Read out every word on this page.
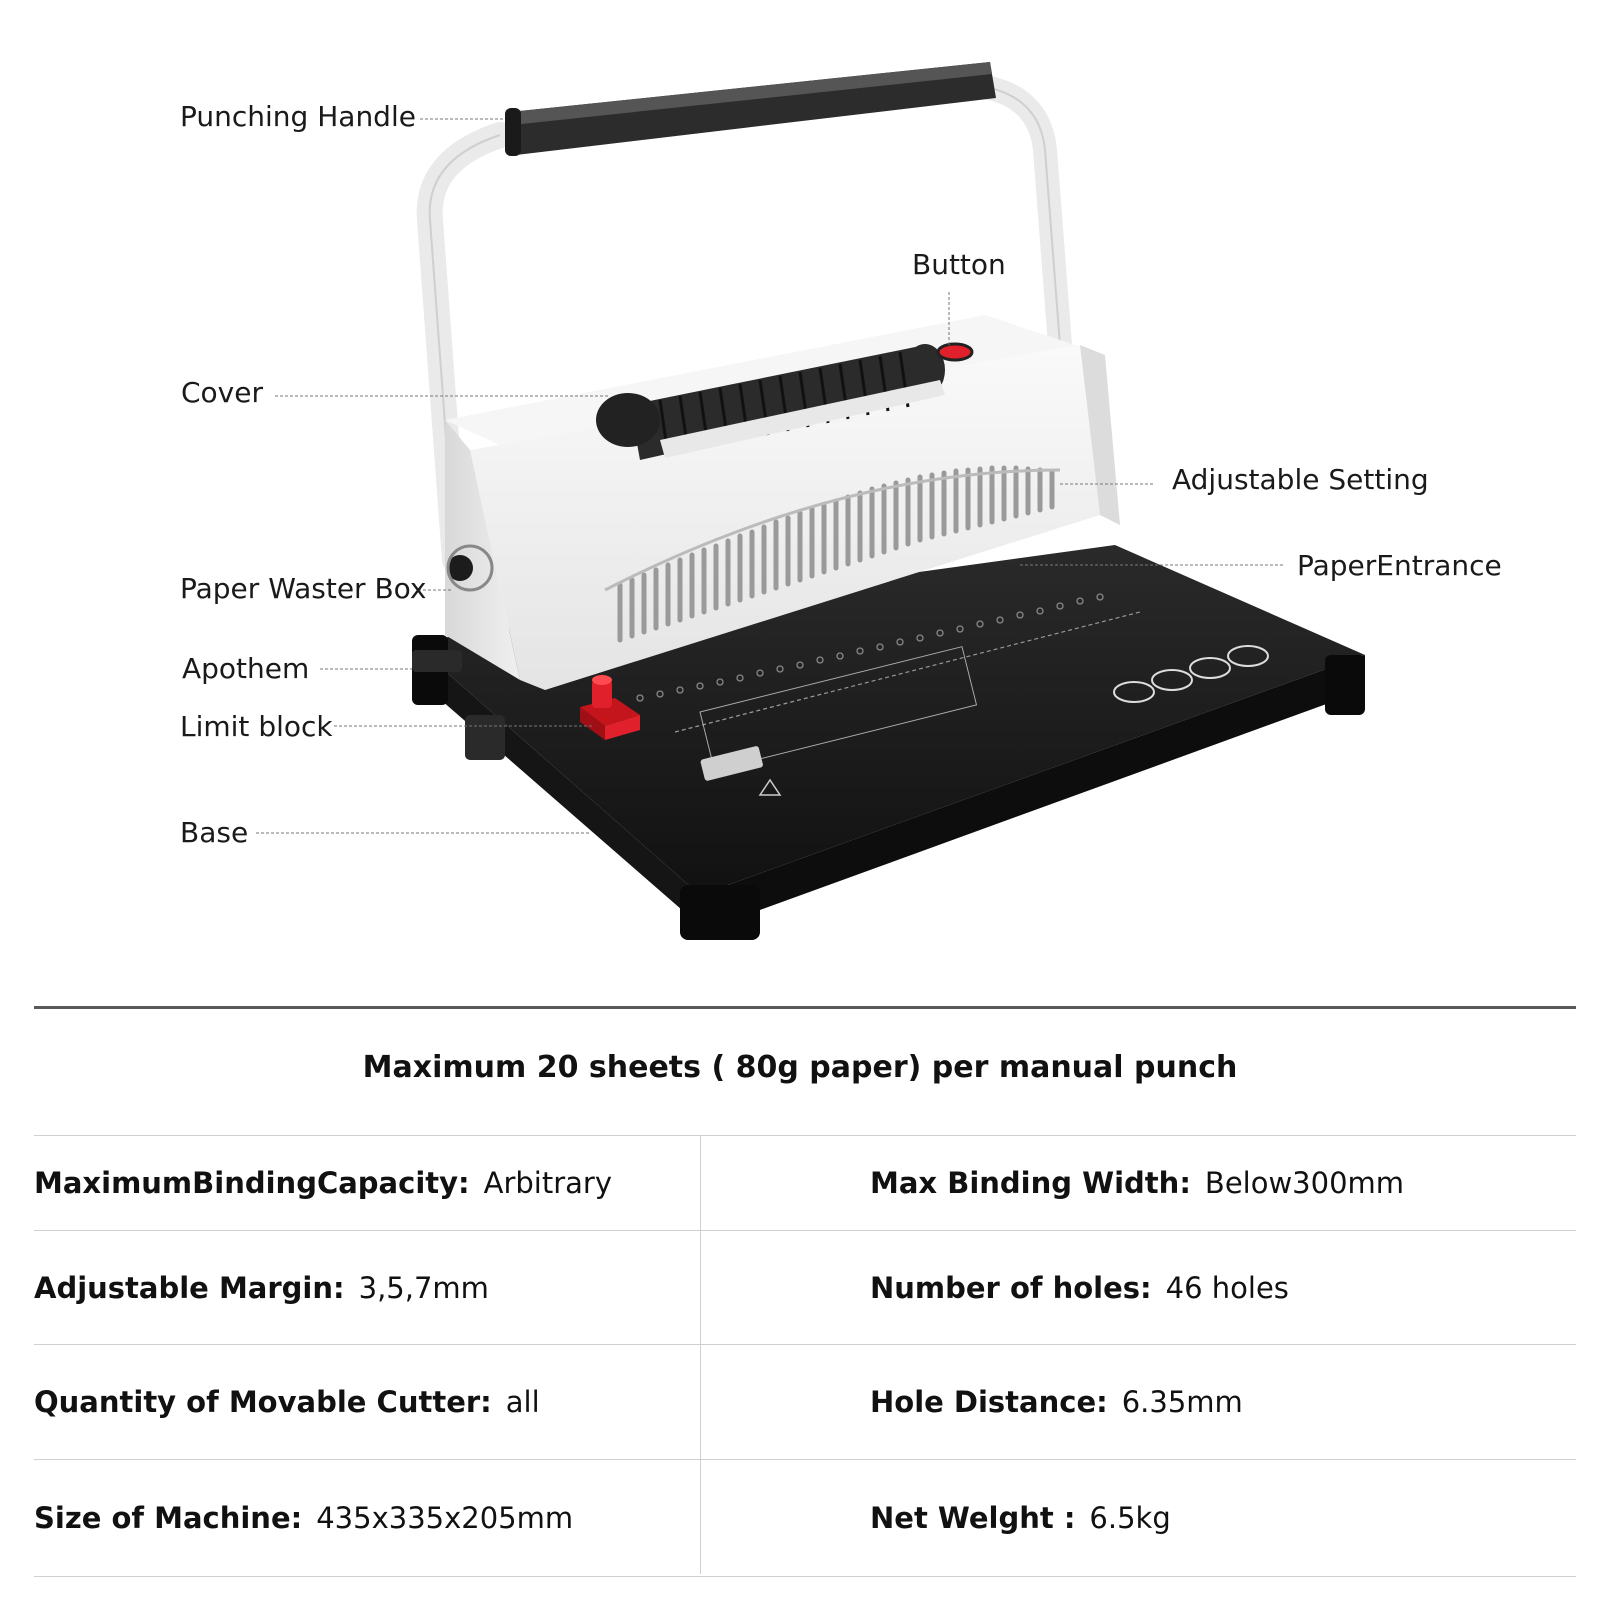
Punching Handle
Button
Cover
Adjustable Setting
PaperEntrance
Paper Waster Box
Apothem
Limit block
Base
Maximum 20 sheets ( 80g paper) per manual punch
MaximumBindingCapacity: Arbitrary	Max Binding Width: Below300mm
Adjustable Margin: 3,5,7mm	Number of holes: 46 holes
Quantity of Movable Cutter: all	Hole Distance: 6.35mm
Size of Machine: 435x335x205mm	Net Welght : 6.5kg
